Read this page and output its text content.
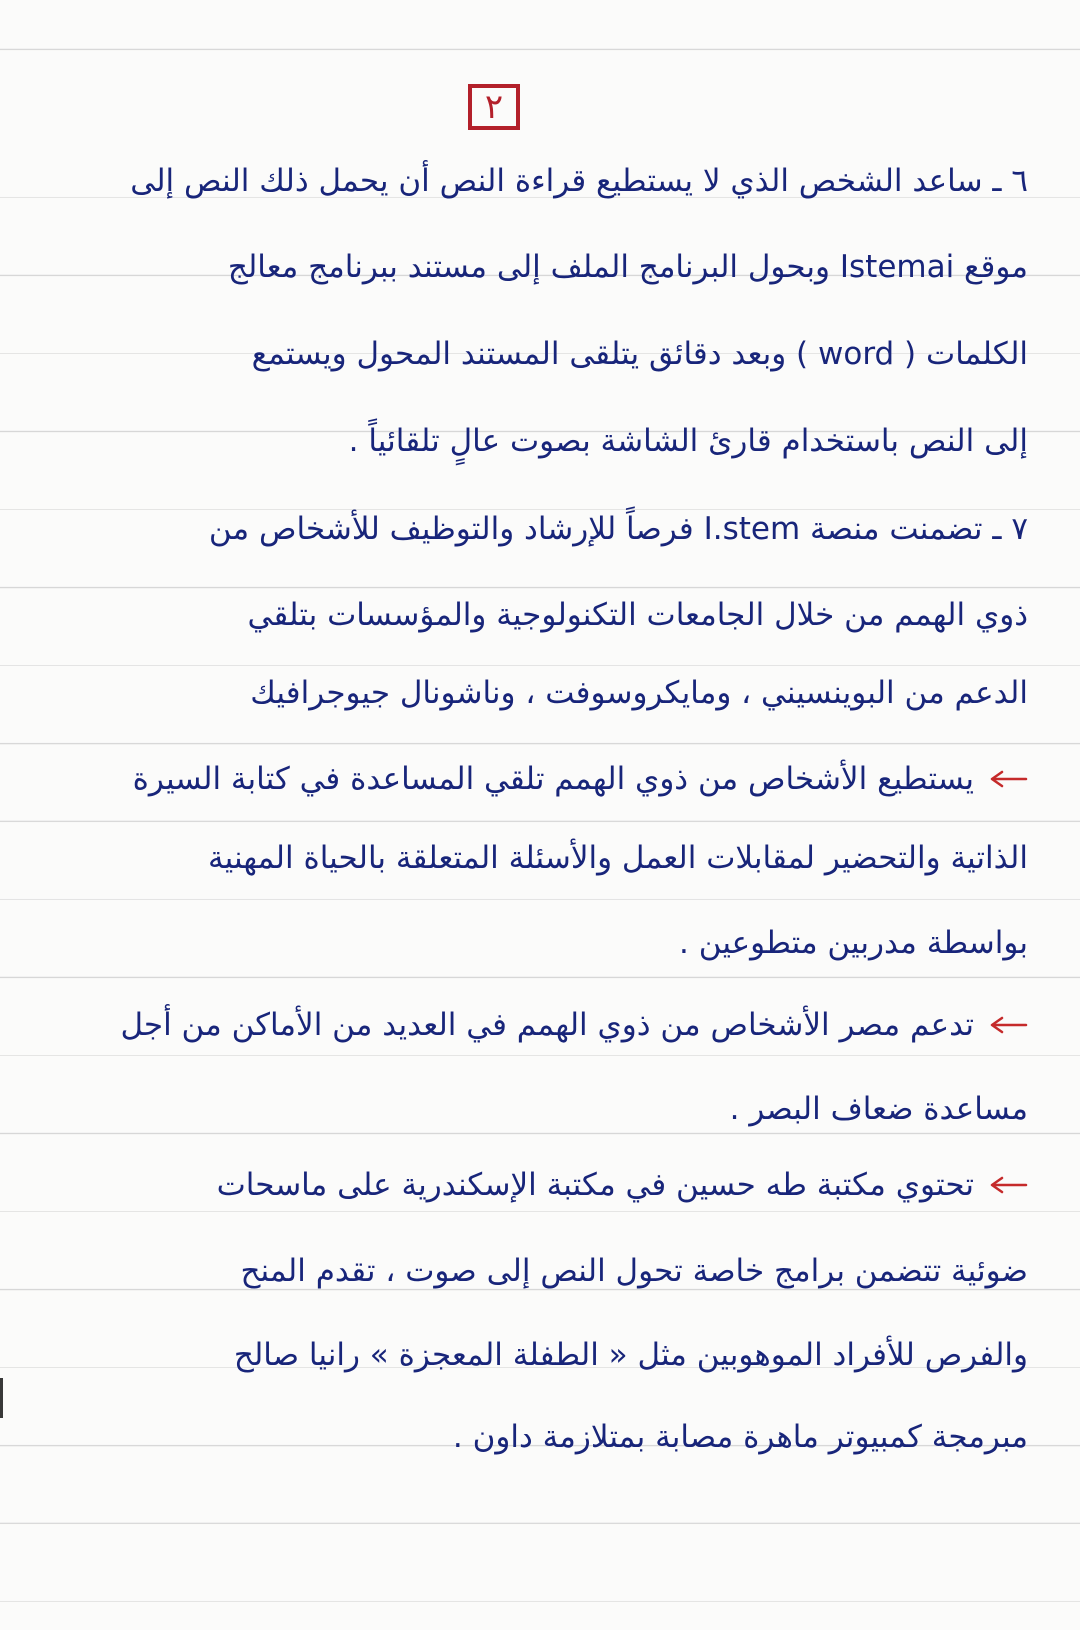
٢
٦ ـ ساعد الشخص الذي لا يستطيع قراءة النص أن يحمل ذلك النص إلى
موقع Istemai وبحول البرنامج الملف إلى مستند ببرنامج معالج
الكلمات ( word ) وبعد دقائق يتلقى المستند المحول ويستمع
إلى النص باستخدام قارئ الشاشة بصوت عالٍ تلقائياً .
٧ ـ تضمنت منصة I.stem فرصاً للإرشاد والتوظيف للأشخاص من
ذوي الهمم من خلال الجامعات التكنولوجية والمؤسسات بتلقي
الدعم من البوينسيني ، ومايكروسوفت ، وناشونال جيوجرافيك
يستطيع الأشخاص من ذوي الهمم تلقي المساعدة في كتابة السيرة
الذاتية والتحضير لمقابلات العمل والأسئلة المتعلقة بالحياة المهنية
بواسطة مدربين متطوعين .
تدعم مصر الأشخاص من ذوي الهمم في العديد من الأماكن من أجل
مساعدة ضعاف البصر .
تحتوي مكتبة طه حسين في مكتبة الإسكندرية على ماسحات
ضوئية تتضمن برامج خاصة تحول النص إلى صوت ، تقدم المنح
والفرص للأفراد الموهوبين مثل « الطفلة المعجزة » رانيا صالح
مبرمجة كمبيوتر ماهرة مصابة بمتلازمة داون .
